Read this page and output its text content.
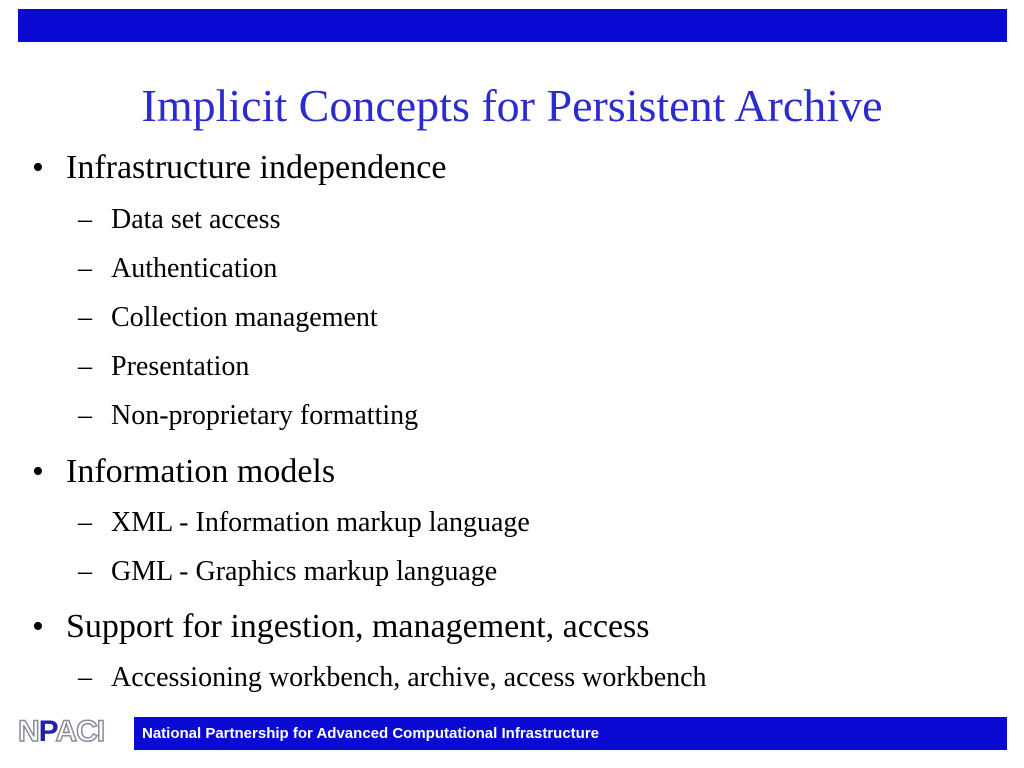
Implicit Concepts for Persistent Archive
• Infrastructure independence
– Data set access
– Authentication
– Collection management
– Presentation
– Non-proprietary formatting
• Information models
– XML - Information markup language
– GML - Graphics markup language
• Support for ingestion, management, access
– Accessioning workbench, archive, access workbench
NPACI	National Partnership for Advanced Computational Infrastructure
